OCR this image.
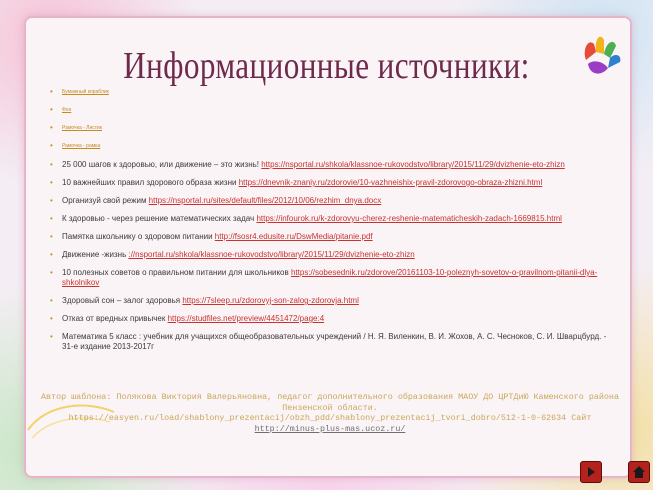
Информационные источники:
• Бумажный кораблик
• Фон
• Рамочка - Листик
• Рамочка - рамка
• 25 000 шагов к здоровью, или движение – это жизнь! https://nsportal.ru/shkola/klassnoe-rukovodstvo/library/2015/11/29/dvizhenie-eto-zhizn
• 10 важнейших правил здорового образа жизни https://dnevnik-znaniy.ru/zdorovie/10-vazhneishix-pravil-zdorovogo-obraza-zhizni.html
• Организуй свой режим https://nsportal.ru/sites/default/files/2012/10/06/rezhim_dnya.docx
• К здоровью - через решение математических задач https://infourok.ru/k-zdorovyu-cherez-reshenie-matematicheskih-zadach-1669815.html
• Памятка школьнику о здоровом питании http://fsosr4.edusite.ru/DswMedia/pitanie.pdf
• Движение -жизнь ://nsportal.ru/shkola/klassnoe-rukovodstvo/library/2015/11/29/dvizhenie-eto-zhizn
• 10 полезных советов о правильном питании для школьников https://sobesednik.ru/zdorove/20161103-10-poleznyh-sovetov-o-pravilnom-pitanii-dlya-shkolnikov
• Здоровый сон – залог здоровья https://7sleep.ru/zdorovyj-son-zalog-zdorovja.html
• Отказ от вредных привычек https://studfiles.net/preview/4451472/page:4
• Математика 5 класс : учебник для учащихся общеобразовательных учреждений / Н. Я. Виленкин, В. И. Жохов, А. С. Чесноков, С. И. Шварцбурд. - 31-е издание 2013-2017г
Автор шаблона: Полякова Виктория Валерьяновна, педагог дополнительного образования МАОУ ДО ЦРТДиЮ Каменского района Пензенской области.
https://easyen.ru/load/shablony_prezentacij/obzh_pdd/shablony_prezentacij_tvori_dobro/512-1-0-62634 Сайт
http://minus-plus-mas.ucoz.ru/
